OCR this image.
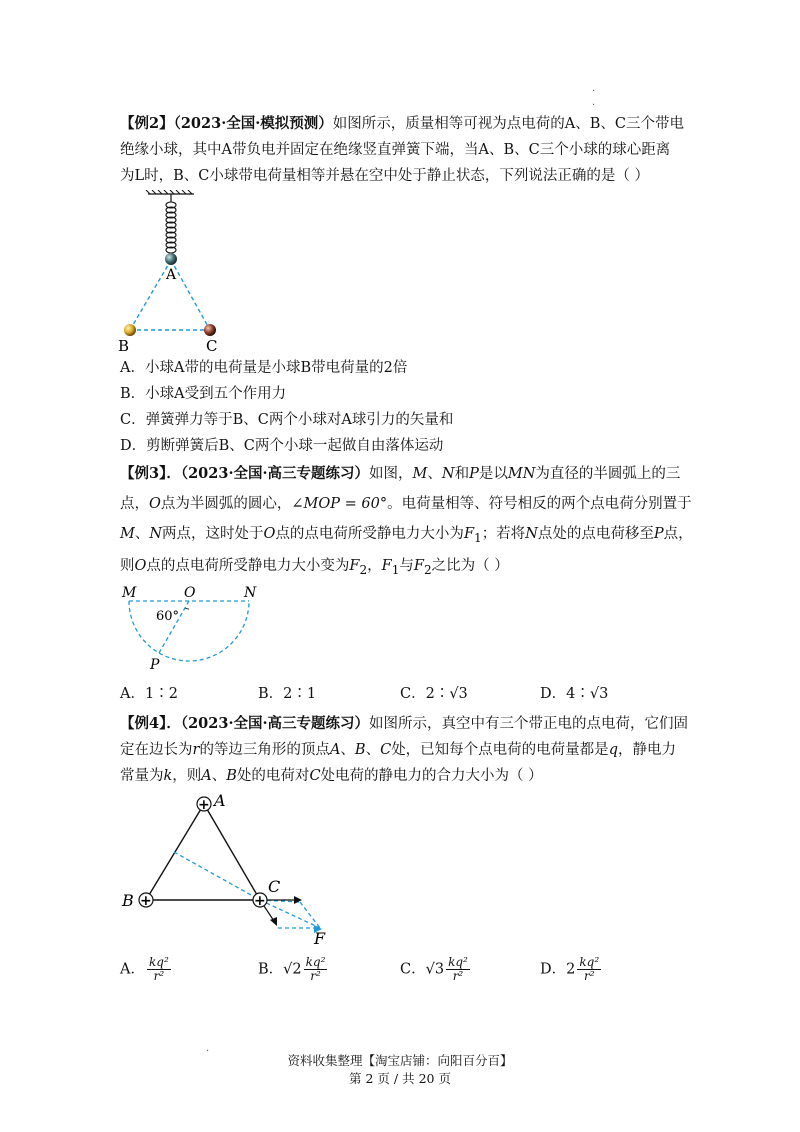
·
·
【例2】（2023·全国·模拟预测）如图所示，质量相等可视为点电荷的A、B、C三个带电
绝缘小球，其中A带负电并固定在绝缘竖直弹簧下端，当A、B、C三个小球的球心距离
为L时，B、C小球带电荷量相等并悬在空中处于静止状态，下列说法正确的是（ ）
A
B	C
A．小球A带的电荷量是小球B带电荷量的2倍
B．小球A受到五个作用力
C．弹簧弹力等于B、C两个小球对A球引力的矢量和
D．剪断弹簧后B、C两个小球一起做自由落体运动
【例3】．（2023·全国·高三专题练习）如图，M、N和P是以MN为直径的半圆弧上的三
点，O点为半圆弧的圆心，∠MOP = 60°。电荷量相等、符号相反的两个点电荷分别置于
M、N两点，这时处于O点的点电荷所受静电力大小为$F_1$；若将N点处的点电荷移至P点，
则O点的点电荷所受静电力大小变为$F_2$，$F_1$与$F_2$之比为（ ）
M	O	N
60°
P
A．1∶2	B．2∶1	C．2∶√3	D．4∶√3
【例4】．（2023·全国·高三专题练习）如图所示，真空中有三个带正电的点电荷，它们固
定在边长为r的等边三角形的顶点A、B、C处，已知每个点电荷的电荷量都是q，静电力
常量为k，则A、B处的电荷对C处电荷的静电力的合力大小为（ ）
+
+	+
A
B
C
F
A． $\frac{\text{kq²}}{\text{r²}}$	B．$√2 \frac{\text{kq²}}{\text{r²}}$	C．$√3 \frac{\text{kq²}}{\text{r²}}$	D．$2 \frac{\text{kq²}}{\text{r²}}$
·
资料收集整理【淘宝店铺：向阳百分百】
第 2 页 / 共 20 页
